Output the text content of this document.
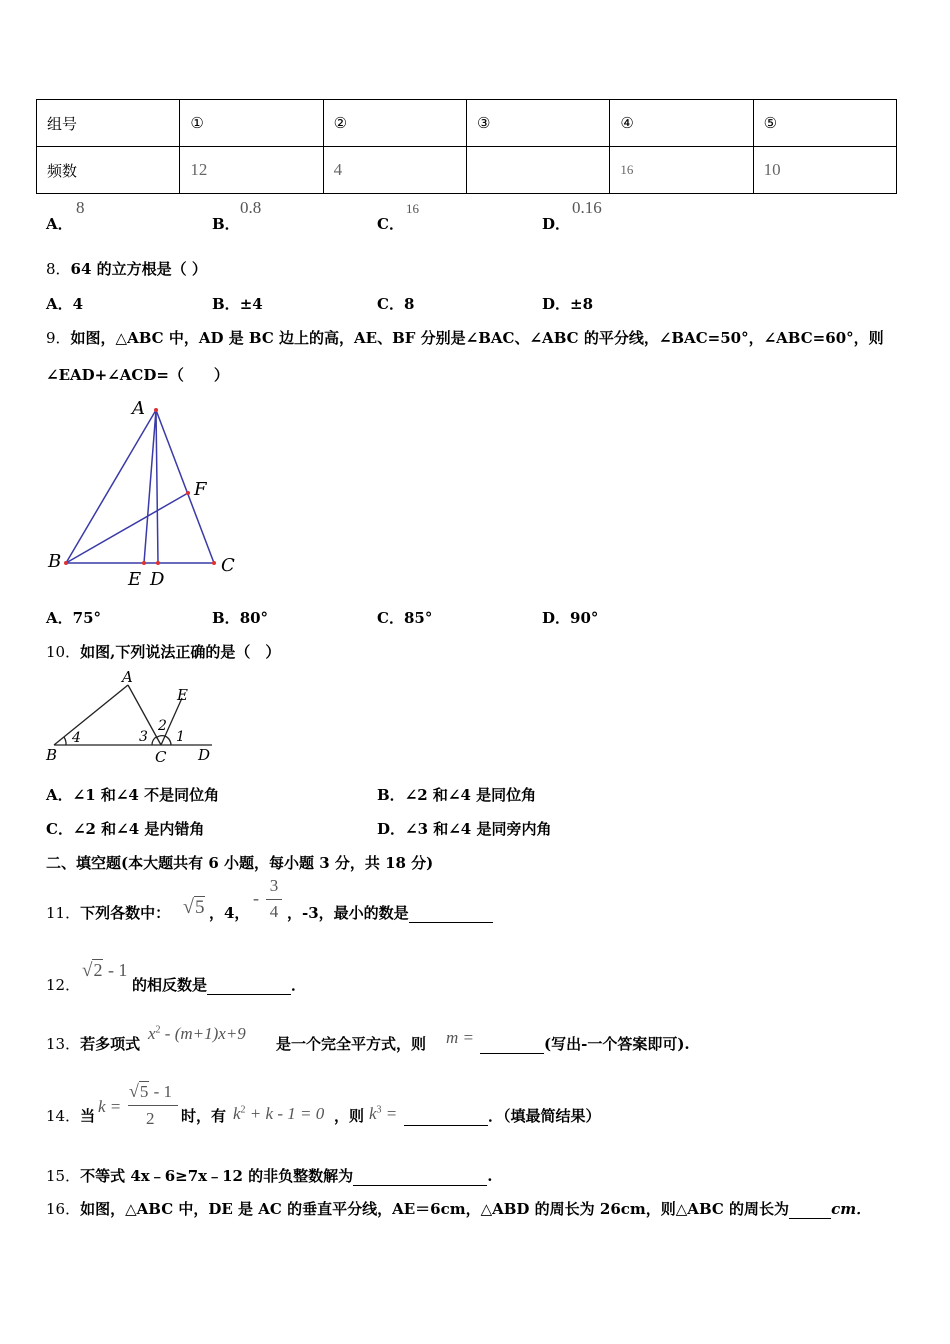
组号	①	②	③	④	⑤
频数	12	4		16	10
A．
8
B．
0.8
C．
16
D．
0.16
8．64 的立方根是（ ）
A．4	B．±4	C．8	D．±8
9．如图，△ABC 中，AD 是 BC 边上的高，AE、BF 分别是∠BAC、∠ABC 的平分线，∠BAC=50°，∠ABC=60°，则
∠EAD+∠ACD=（　　）
A
B	C
F
E D
A．75°	B．80°	C．85°	D．90°
10．如图,下列说法正确的是（　）
A
B	C D
E
4	3
2
1
A．∠1 和∠4 不是同位角	B．∠2 和∠4 是同位角
C．∠2 和∠4 是内错角	D．∠3 和∠4 是同旁内角
二、填空题(本大题共有 6 小题，每小题 3 分，共 18 分)
11．下列各数中： √5 ，4，
-
3
4 ，-3，最小的数是
12．
√2 - 1
的相反数是	．
13．若多项式
$x^2 - (m+1)x+9$
是一个完全平方式，则 m =	(写出-一个答案即可).
14．当 k =
√5 - 1
2 时，有 $k^2 + k - 1 = 0$ ，则 $k^3$ =	．（填最简结果）
15．不等式 4x﹣6≥7x﹣12 的非负整数解为	.
16．如图，△ABC 中，DE 是 AC 的垂直平分线，AE＝6cm，△ABD 的周长为 26cm，则△ABC 的周长为	cm．
